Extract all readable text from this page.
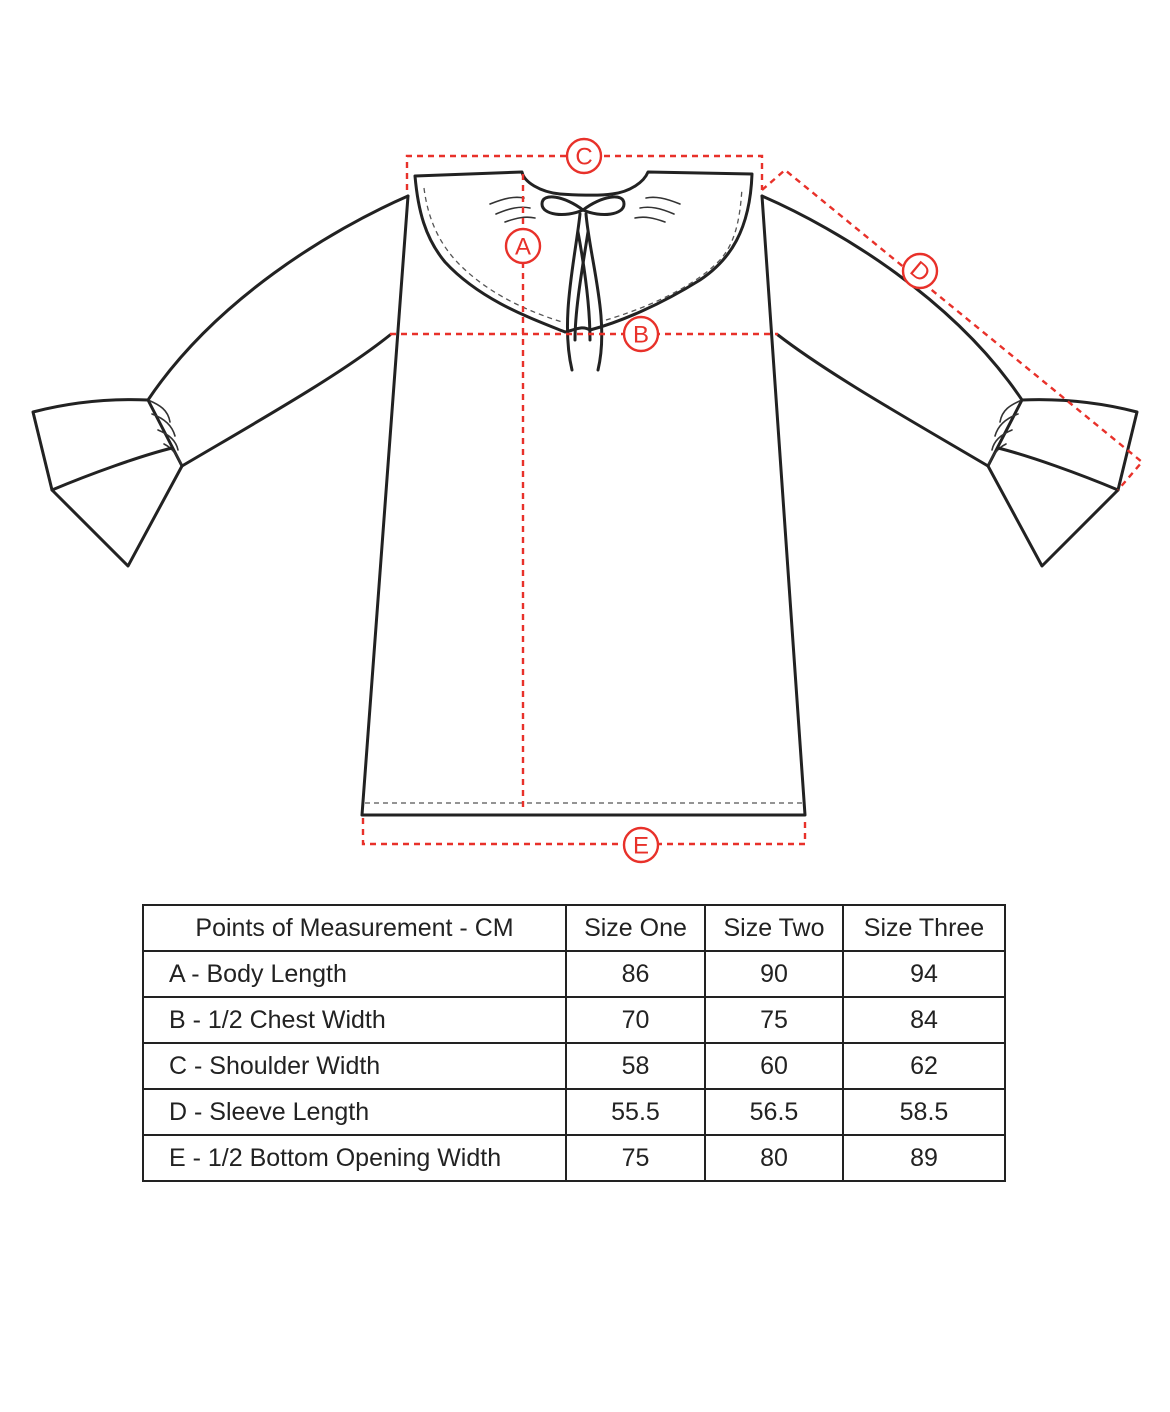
C
A
B
D
E
Points of Measurement - CM	Size One	Size Two	Size Three
A - Body Length	86	90	94
B - 1/2 Chest Width	70	75	84
C - Shoulder Width	58	60	62
D - Sleeve Length	55.5	56.5	58.5
E - 1/2 Bottom Opening Width	75	80	89
